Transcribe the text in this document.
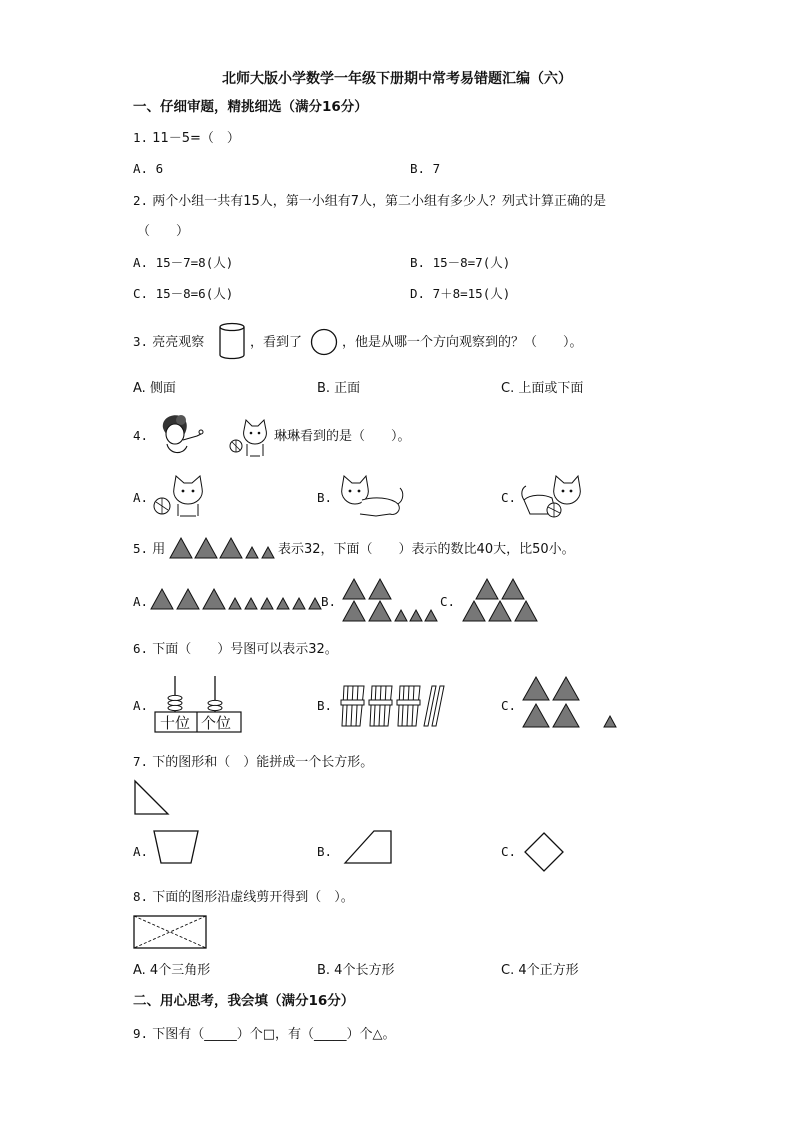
北师大版小学数学一年级下册期中常考易错题汇编（六）
一、仔细审题，精挑细选（满分16分）
1. 11－5=（　）
A. 6	B. 7
2. 两个小组一共有15人，第一小组有7人，第二小组有多少人？列式计算正确的是
（　　）
A. 15－7=8(人)	B. 15－8=7(人)
C. 15－8=6(人)	D. 7＋8=15(人)
3. 亮亮观察	，看到了	，他是从哪一个方向观察到的？（　　）。
A. 侧面	B. 正面	C. 上面或下面
4.	琳琳看到的是（　　）。
A.	B.	C.
5. 用	表示32，下面（　　）表示的数比40大，比50小。
A.	B.	C.
6. 下面（　　）号图可以表示32。
A.
十位 个位
B.	C.
7. 下的图形和（　）能拼成一个长方形。
A.	B.	C.
8. 下面的图形沿虚线剪开得到（　）。
A. 4个三角形	B. 4个长方形	C. 4个正方形
二、用心思考，我会填（满分16分）
9. 下图有（_____）个□，有（_____）个△。
